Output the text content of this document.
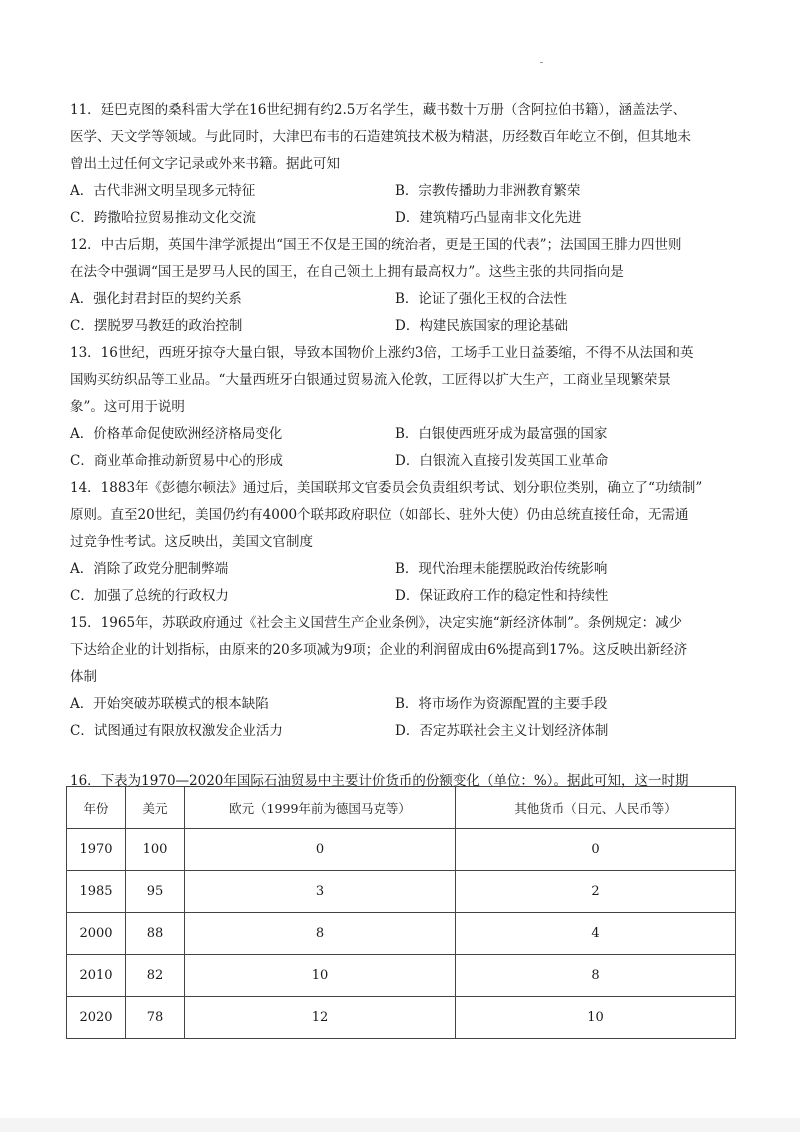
11．廷巴克图的桑科雷大学在16世纪拥有约2.5万名学生，藏书数十万册（含阿拉伯书籍），涵盖法学、
医学、天文学等领域。与此同时，大津巴布韦的石造建筑技术极为精湛，历经数百年屹立不倒，但其地未
曾出土过任何文字记录或外来书籍。据此可知
A．古代非洲文明呈现多元特征	B．宗教传播助力非洲教育繁荣
C．跨撒哈拉贸易推动文化交流	D．建筑精巧凸显南非文化先进
12．中古后期，英国牛津学派提出“国王不仅是王国的统治者，更是王国的代表”；法国国王腓力四世则
在法令中强调“国王是罗马人民的国王，在自己领土上拥有最高权力”。这些主张的共同指向是
A．强化封君封臣的契约关系	B．论证了强化王权的合法性
C．摆脱罗马教廷的政治控制	D．构建民族国家的理论基础
13．16世纪，西班牙掠夺大量白银，导致本国物价上涨约3倍，工场手工业日益萎缩，不得不从法国和英
国购买纺织品等工业品。“大量西班牙白银通过贸易流入伦敦，工匠得以扩大生产，工商业呈现繁荣景
象”。这可用于说明
A．价格革命促使欧洲经济格局变化	B．白银使西班牙成为最富强的国家
C．商业革命推动新贸易中心的形成	D．白银流入直接引发英国工业革命
14．1883年《彭德尔顿法》通过后，美国联邦文官委员会负责组织考试、划分职位类别，确立了“功绩制”
原则。直至20世纪，美国仍约有4000个联邦政府职位（如部长、驻外大使）仍由总统直接任命，无需通
过竞争性考试。这反映出，美国文官制度
A．消除了政党分肥制弊端	B．现代治理未能摆脱政治传统影响
C．加强了总统的行政权力	D．保证政府工作的稳定性和持续性
15．1965年，苏联政府通过《社会主义国营生产企业条例》，决定实施“新经济体制”。条例规定：减少
下达给企业的计划指标，由原来的20多项减为9项；企业的利润留成由6%提高到17%。这反映出新经济
体制
A．开始突破苏联模式的根本缺陷	B．将市场作为资源配置的主要手段
C．试图通过有限放权激发企业活力	D．否定苏联社会主义计划经济体制
16．下表为1970—2020年国际石油贸易中主要计价货币的份额变化（单位：%）。据此可知，这一时期
年份	美元	欧元（1999年前为德国马克等）	其他货币（日元、人民币等）
1970	100	0	0
1985	95	3	2
2000	88	8	4
2010	82	10	8
2020	78	12	10
